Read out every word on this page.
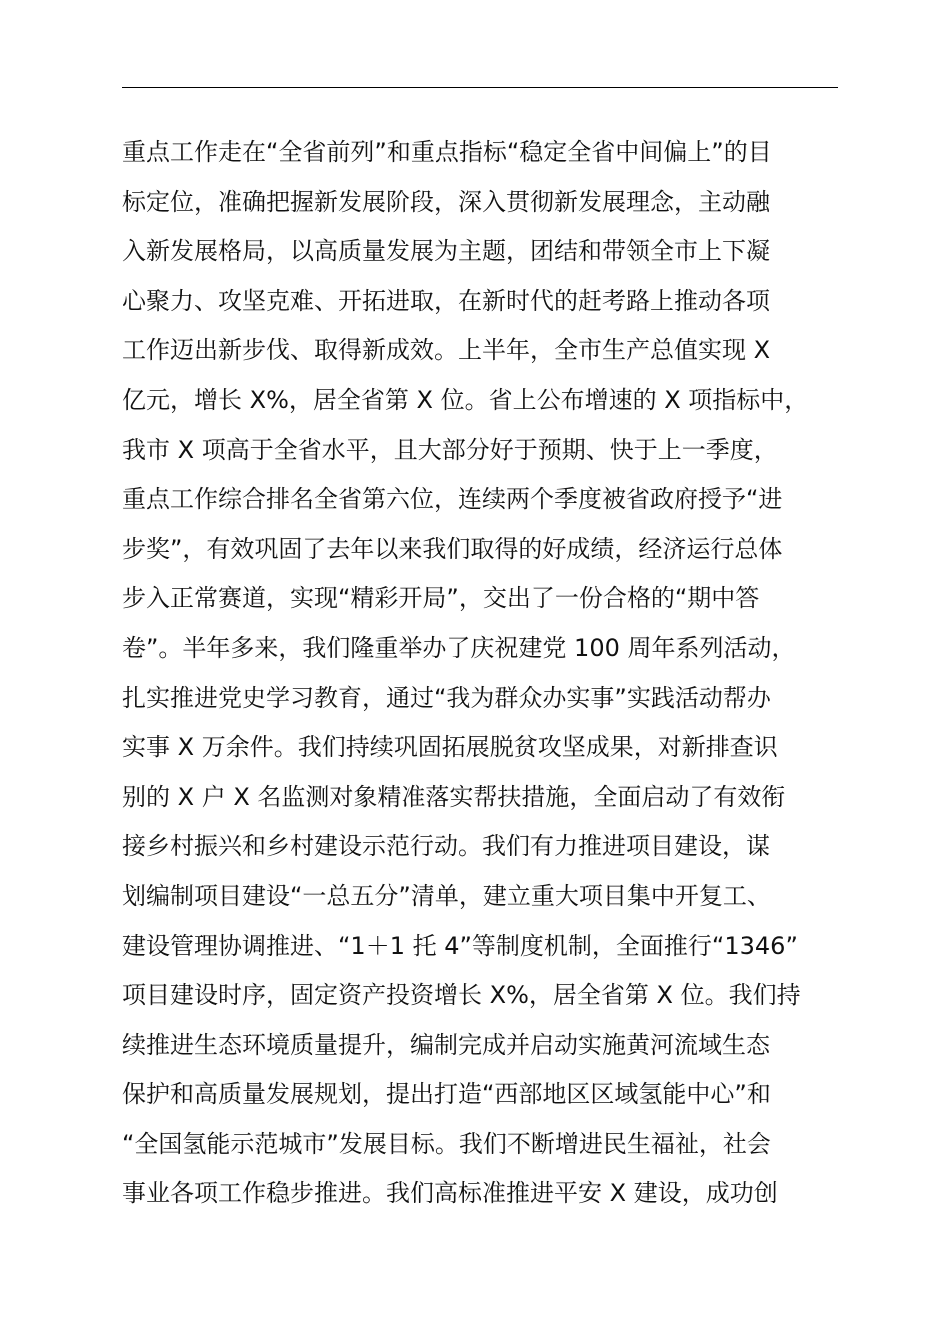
重点工作走在“全省前列”和重点指标“稳定全省中间偏上”的目
标定位，准确把握新发展阶段，深入贯彻新发展理念，主动融
入新发展格局，以高质量发展为主题，团结和带领全市上下凝
心聚力、攻坚克难、开拓进取，在新时代的赶考路上推动各项
工作迈出新步伐、取得新成效。上半年，全市生产总值实现 X
亿元，增长 X%，居全省第 X 位。省上公布增速的 X 项指标中，
我市 X 项高于全省水平，且大部分好于预期、快于上一季度，
重点工作综合排名全省第六位，连续两个季度被省政府授予“进
步奖”，有效巩固了去年以来我们取得的好成绩，经济运行总体
步入正常赛道，实现“精彩开局”，交出了一份合格的“期中答
卷”。半年多来，我们隆重举办了庆祝建党 100 周年系列活动，
扎实推进党史学习教育，通过“我为群众办实事”实践活动帮办
实事 X 万余件。我们持续巩固拓展脱贫攻坚成果，对新排查识
别的 X 户 X 名监测对象精准落实帮扶措施，全面启动了有效衔
接乡村振兴和乡村建设示范行动。我们有力推进项目建设，谋
划编制项目建设“一总五分”清单，建立重大项目集中开复工、
建设管理协调推进、“1＋1 托 4”等制度机制，全面推行“1346”
项目建设时序，固定资产投资增长 X%，居全省第 X 位。我们持
续推进生态环境质量提升，编制完成并启动实施黄河流域生态
保护和高质量发展规划，提出打造“西部地区区域氢能中心”和
“全国氢能示范城市”发展目标。我们不断增进民生福祉，社会
事业各项工作稳步推进。我们高标准推进平安 X 建设，成功创
